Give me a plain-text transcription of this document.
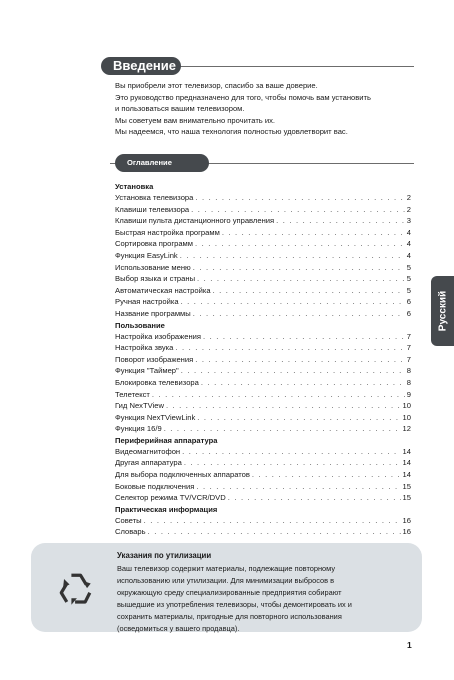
Введение
Вы приобрели этот телевизор, спасибо за ваше доверие.
Это руководство предназначено для того, чтобы помочь вам установить
и пользоваться вашим телевизором.
Мы советуем вам внимательно прочитать их.
Мы надеемся, что наша технология полностью удовлетворит вас.
Оглавление
Установка
Установка телевизора . . .	2
Клавиши телевизора . . .	2
Клавиши пульта дистанционного управления . . .	3
Быстрая настройка программ . . .	4
Сортировка программ . . .	4
Функция EasyLink . . .	4
Использование меню . . .	5
Выбор языка и страны . . .	5
Автоматическая настройка . . .	5
Ручная настройка . . .	6
Название программы . . .	6
Пользование
Настройка изображения . . .	7
Настройка звука . . .	7
Поворот изображения . . .	7
Функция "Таймер" . . .	8
Блокировка телевизора . . .	8
Телетекст . . .	9
Гид NexTView . . .	10
Функция NexTViewLink . . .	10
Функция 16/9 . . .	12
Периферийная аппаратура
Видеомагнитофон . . .	14
Другая аппаратура . . .	14
Для выбора подключенных аппаратов . . .	14
Боковые подключения . . .	15
Селектор режима TV/VCR/DVD . . .	15
Практическая информация
Советы . . .	16
Словарь . . .	16
Русский
Указания по утилизации
Ваш телевизор содержит материалы, подлежащие повторному
использованию или утилизации. Для минимизации выбросов в
окружающую среду специализированные предприятия собирают
вышедшие из употребления телевизоры, чтобы демонтировать их и
сохранить материалы, пригодные для повторного использования
(осведомиться у вашего продавца).
1
